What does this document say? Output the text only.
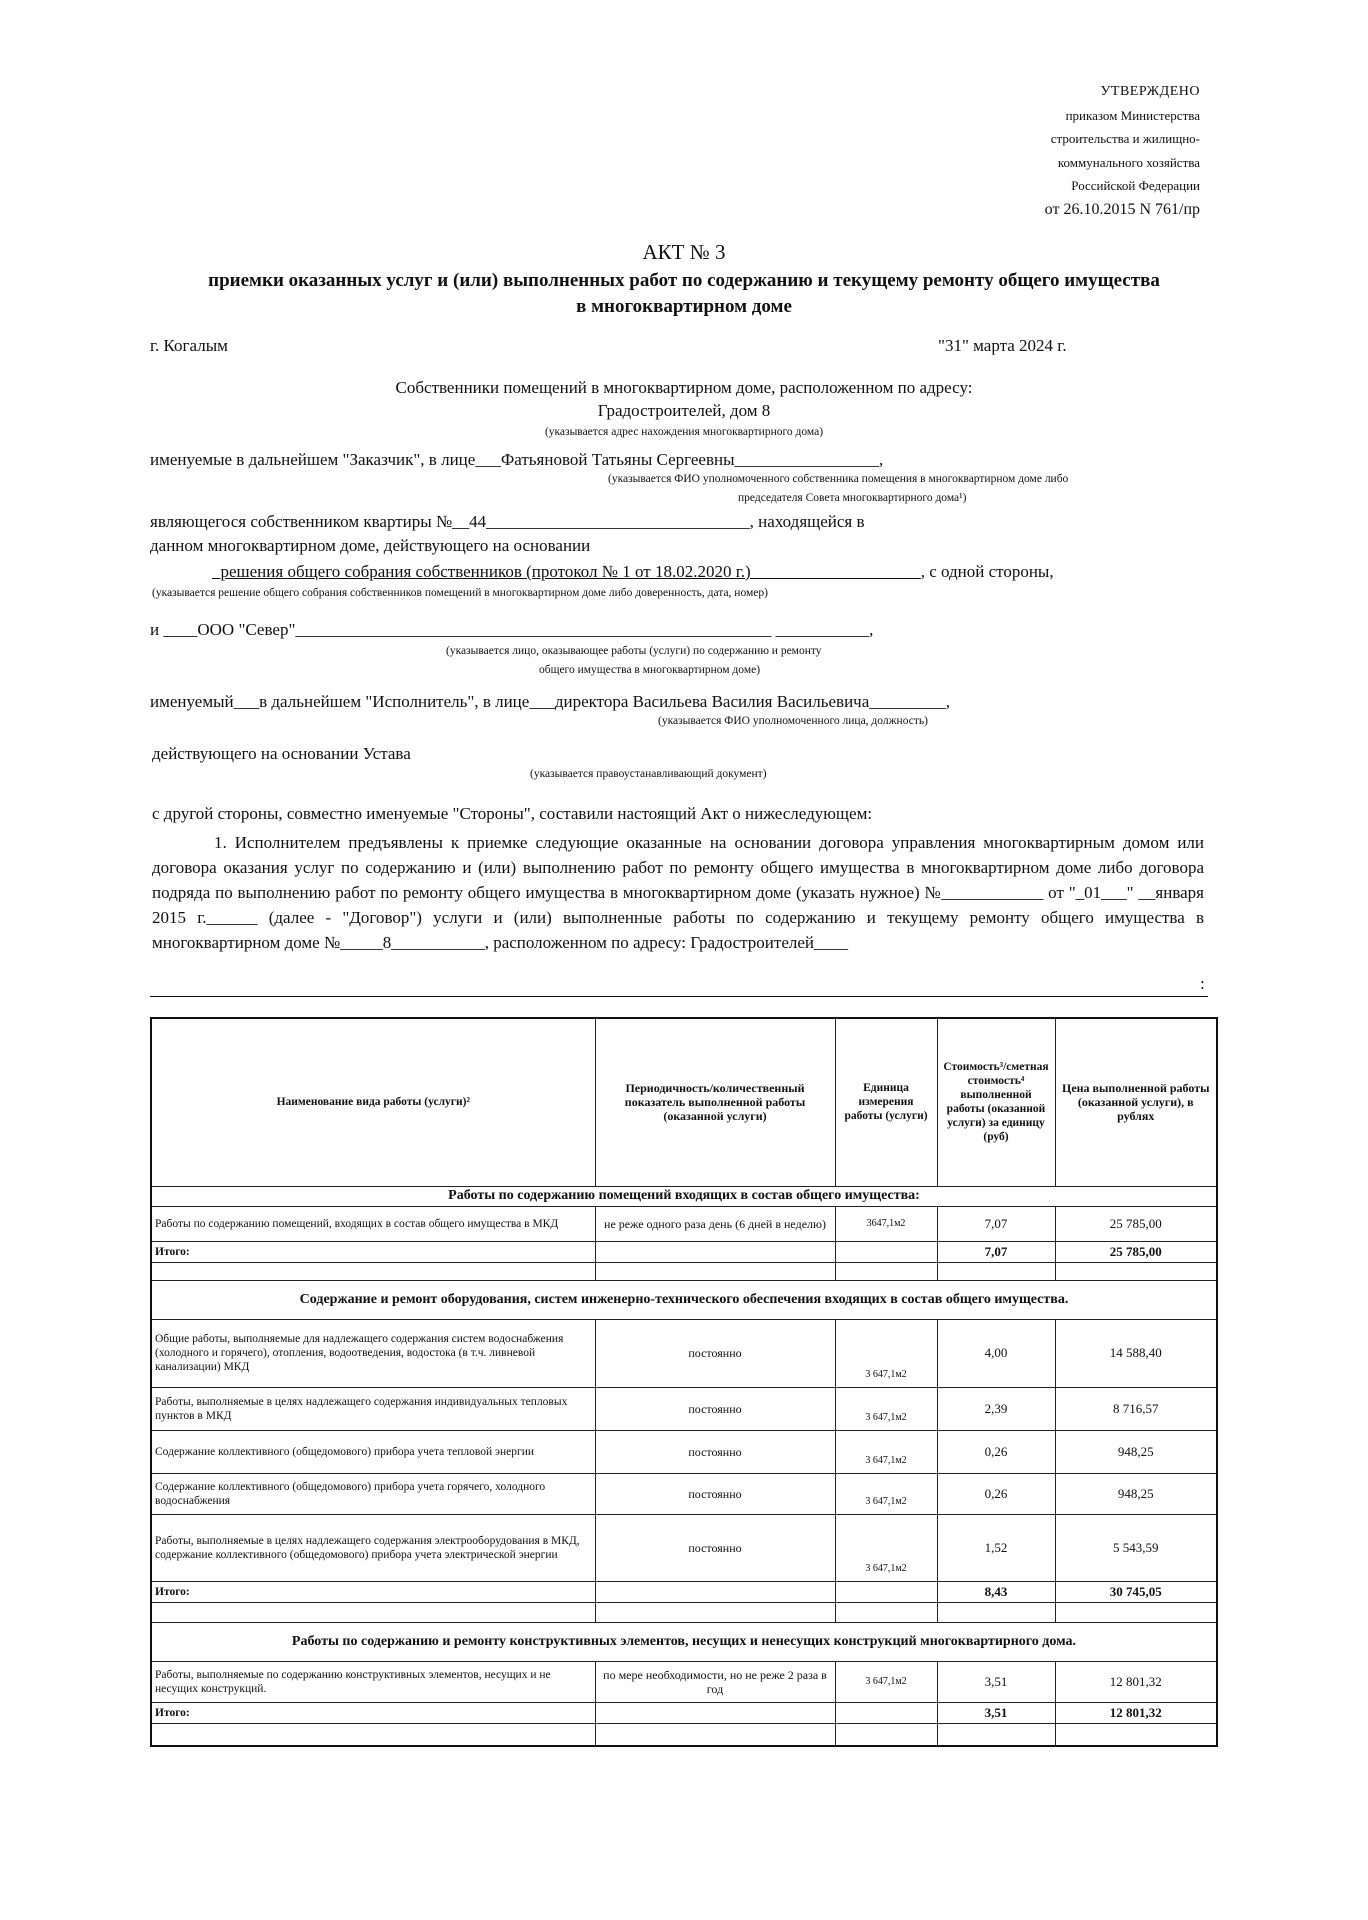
УТВЕРЖДЕНО
приказом Министерства
строительства и жилищно-
коммунального хозяйства
Российской Федерации
от 26.10.2015 N 761/пр
АКТ № 3
приемки оказанных услуг и (или) выполненных работ по содержанию и текущему ремонту общего имущества
в многоквартирном доме
г. Когалым	"31" марта 2024 г.
Собственники помещений в многоквартирном доме, расположенном по адресу:
Градостроителей, дом 8
(указывается адрес нахождения многоквартирного дома)
именуемые в дальнейшем "Заказчик", в лице___Фатьяновой Татьяны Сергеевны_________________,
(указывается ФИО уполномоченного собственника помещения в многоквартирном доме либо
председателя Совета многоквартирного дома¹)
являющегося собственником квартиры №__44_______________________________, находящейся в
данном многоквартирном доме, действующего на основании
_решения общего собрания собственников (протокол № 1 от 18.02.2020 г.)____________________, с одной стороны,
(указывается решение общего собрания собственников помещений в многоквартирном доме либо доверенность, дата, номер)
и ____ООО "Север"________________________________________________________ ___________,
(указывается лицо, оказывающее работы (услуги) по содержанию и ремонту
общего имущества в многоквартирном доме)
именуемый___в дальнейшем "Исполнитель", в лице___директора Васильева Василия Васильевича_________,
(указывается ФИО уполномоченного лица, должность)
действующего на основании Устава
(указывается правоустанавливающий документ)
с другой стороны, совместно именуемые "Стороны", составили настоящий Акт о нижеследующем:
1. Исполнителем предъявлены к приемке следующие оказанные на основании договора управления многоквартирным домом или договора оказания услуг по содержанию и (или) выполнению работ по ремонту общего имущества в многоквартирном доме либо договора подряда по выполнению работ по ремонту общего имущества в многоквартирном доме (указать нужное) №____________ от "_01___" __января 2015 г.______ (далее - "Договор") услуги и (или) выполненные работы по содержанию и текущему ремонту общего имущества в многоквартирном доме №_____8___________, расположенном по адресу: Градостроителей____
:
Наименование вида работы (услуги)²	Периодичность/количественный показатель выполненной работы (оказанной услуги)	Единица измерения работы (услуги)	Стоимость³/сметная стоимость⁴ выполненной работы (оказанной услуги) за единицу (руб)	Цена выполненной работы (оказанной услуги), в рублях
Работы по содержанию помещений входящих в состав общего имущества:				
Работы по содержанию помещений, входящих в состав общего имущества в МКД	не реже одного раза день (6 дней в неделю)	3647,1м2	7,07	25 785,00
Итого:			7,07	25 785,00

Содержание и ремонт оборудования, систем инженерно-технического обеспечения входящих в состав общего имущества.				
Общие работы, выполняемые для надлежащего содержания систем водоснабжения (холодного и горячего), отопления, водоотведения, водостока (в т.ч. ливневой канализации) МКД	постоянно	3 647,1м2	4,00	14 588,40
Работы, выполняемые в целях надлежащего содержания индивидуальных тепловых пунктов в МКД	постоянно	3 647,1м2	2,39	8 716,57
Содержание коллективного (общедомового) прибора учета тепловой энергии	постоянно	3 647,1м2	0,26	948,25
Содержание коллективного (общедомового) прибора учета горячего, холодного водоснабжения	постоянно	3 647,1м2	0,26	948,25
Работы, выполняемые в целях надлежащего содержания электрооборудования в МКД, содержание коллективного (общедомового) прибора учета электрической энергии	постоянно	3 647,1м2	1,52	5 543,59
Итого:			8,43	30 745,05

Работы по содержанию и ремонту конструктивных элементов, несущих и ненесущих конструкций многоквартирного дома.				
Работы, выполняемые по содержанию конструктивных элементов, несущих и не несущих конструкций.	по мере необходимости, но не реже 2 раза в год	3 647,1м2	3,51	12 801,32
Итого:			3,51	12 801,32
